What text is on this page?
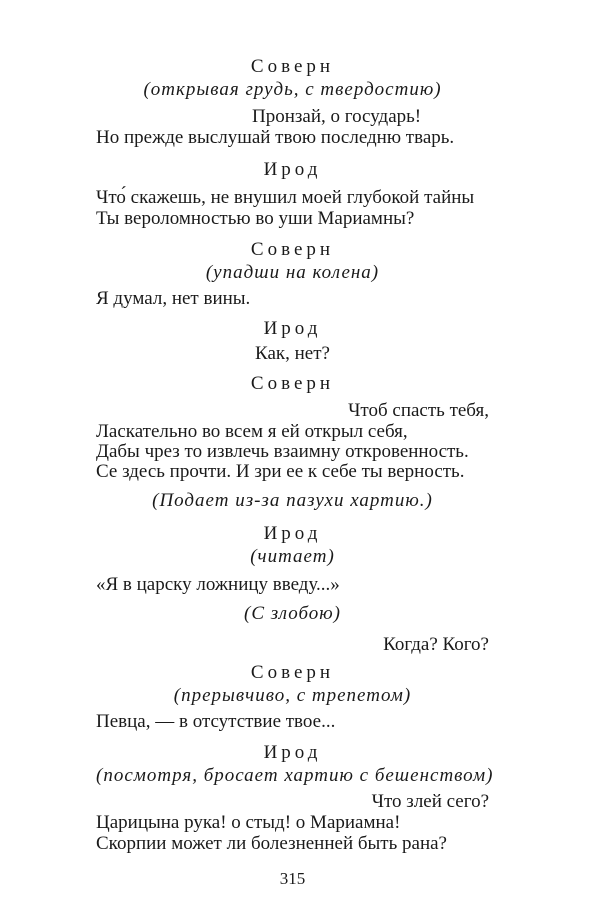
Соверн
(открывая грудь, с твердостию)
Пронзай, о государь!
Но прежде выслушай твою последню тварь.
Ирод
Что́ скажешь, не внушил моей глубокой тайны
Ты вероломностью во уши Мариамны?
Соверн
(упадши на колена)
Я думал, нет вины.
Ирод
Как, нет?
Соверн
Чтоб спасть тебя,
Ласкательно во всем я ей открыл себя,
Дабы чрез то извлечь взаимну откровенность.
Се здесь прочти. И зри ее к себе ты верность.
(Подает из-за пазухи хартию.)
Ирод
(читает)
«Я в царску ложницу введу...»
(С злобою)
Когда? Кого?
Соверн
(прерывчиво, с трепетом)
Певца, — в отсутствие твое...
Ирод
(посмотря, бросает хартию с бешенством)
Что злей сего?
Царицына рука! о стыд! о Мариамна!
Скорпии может ли болезненней быть рана?
315
